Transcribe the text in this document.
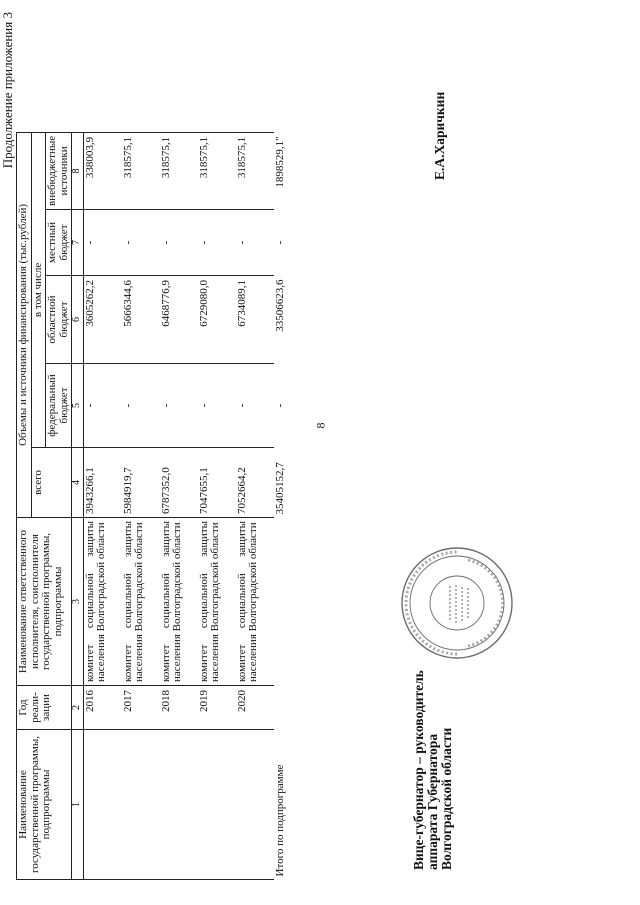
8
Продолжение приложения 3
Наименование государственной программы, подпрограммы	Год реали-зации	Наименование ответственного исполнителя, соисполнителя государственной программы, подпрограммы	Объемы и источники финансирования (тыс.рублей)				
			всего	в том числе			
				федеральный бюджет	областной бюджет	местный бюджет	внебюджетные источники
1	2	3	4	5	6	7	8
	2016	комитет социальной защиты населения Волгоградской области	3943266,1	-	3605262,2	-	338003,9
	2017	комитет социальной защиты населения Волгоградской области	5984919,7	-	5666344,6	-	318575,1
	2018	комитет социальной защиты населения Волгоградской области	6787352,0	-	6468776,9	-	318575,1
	2019	комитет социальной защиты населения Волгоградской области	7047655,1	-	6729080,0	-	318575,1
	2020	комитет социальной защиты населения Волгоградской области	7052664,2	-	6734089,1	-	318575,1
Итого по подпрограмме			35405152,7	-	33506623,6	-	1898529,1"
Вице-губернатор – руководитель аппарата Губернатора Волгоградской области
Е.А.Харичкин
